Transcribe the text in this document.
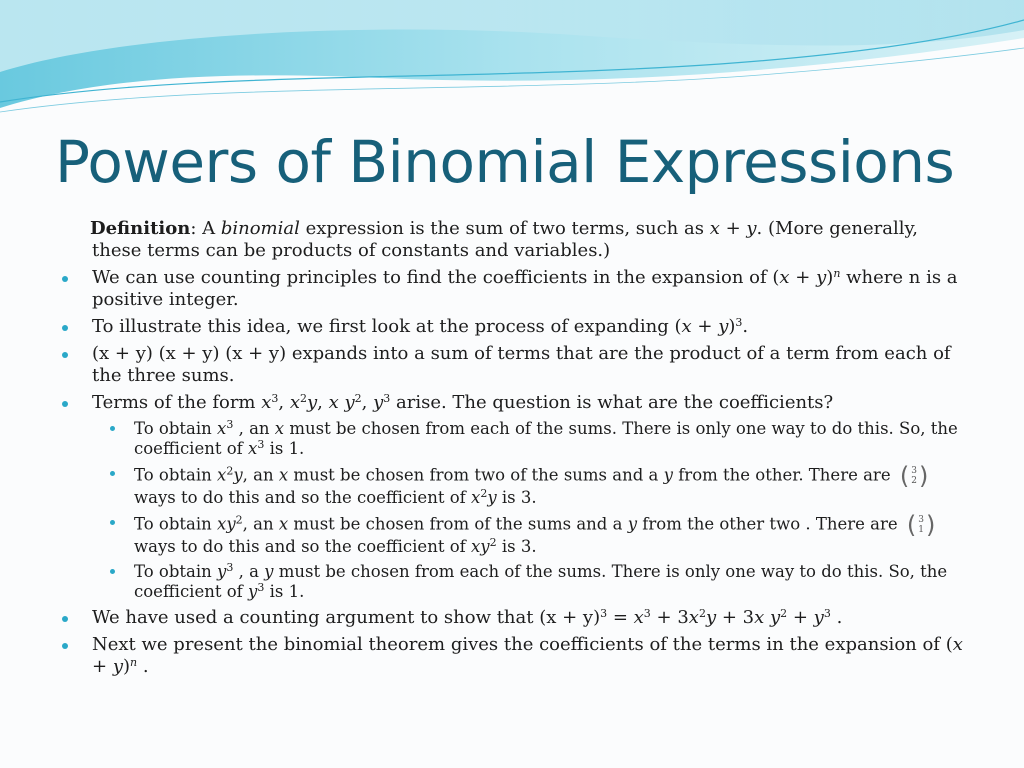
Powers of Binomial Expressions
Definition: A binomial expression is the sum of two terms, such as x + y. (More generally, these terms can be products of constants and variables.)
We can use counting principles to find the coefficients in the expansion of $(x + y)^n$ where n is a positive integer.
To illustrate this idea, we first look at the process of expanding $(x + y)^3$.
(x + y) (x + y) (x + y) expands into a sum of terms that are the product of a term from each of the three sums.
Terms of the form $x^3$, $x^2y$, x $y^2$, $y^3$ arise. The question is what are the coefficients?
To obtain $x^3$ , an x must be chosen from each of the sums. There is only one way to do this. So, the coefficient of $x^3$ is 1.
To obtain $x^2y$, an x must be chosen from two of the sums and a y from the other. There are ( 3
2 )
ways to do this and so the coefficient of $x^2y$ is 3.
To obtain $xy^2$, an x must be chosen from of the sums and a y from the other two . There are ( 3
1 )
ways to do this and so the coefficient of $xy^2$ is 3.
To obtain $y^3$ , a y must be chosen from each of the sums. There is only one way to do this. So, the coefficient of $y^3$ is 1.
We have used a counting argument to show that $(x + y)^3 = x^3 + 3x^2y + 3x$ $y^2 + y^3$ .
Next we present the binomial theorem gives the coefficients of the terms in the expansion of $(x + y)^n$ .
